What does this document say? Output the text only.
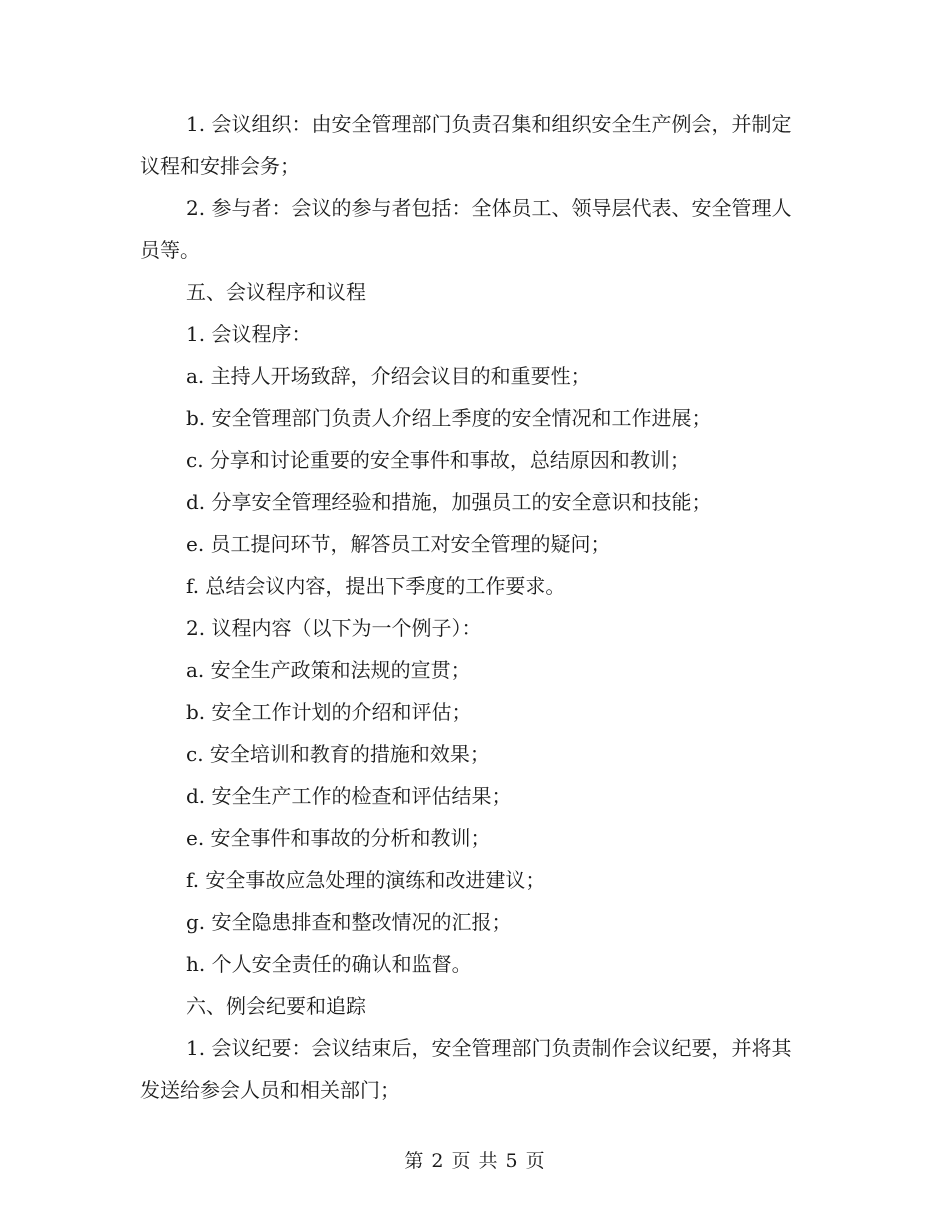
1. 会议组织：由安全管理部门负责召集和组织安全生产例会，并制定议程和安排会务；

2. 参与者：会议的参与者包括：全体员工、领导层代表、安全管理人员等。

五、会议程序和议程

1. 会议程序：

a. 主持人开场致辞，介绍会议目的和重要性；

b. 安全管理部门负责人介绍上季度的安全情况和工作进展；

c. 分享和讨论重要的安全事件和事故，总结原因和教训；

d. 分享安全管理经验和措施，加强员工的安全意识和技能；

e. 员工提问环节，解答员工对安全管理的疑问；

f. 总结会议内容，提出下季度的工作要求。

2. 议程内容（以下为一个例子）：

a. 安全生产政策和法规的宣贯；

b. 安全工作计划的介绍和评估；

c. 安全培训和教育的措施和效果；

d. 安全生产工作的检查和评估结果；

e. 安全事件和事故的分析和教训；

f. 安全事故应急处理的演练和改进建议；

g. 安全隐患排查和整改情况的汇报；

h. 个人安全责任的确认和监督。

六、例会纪要和追踪

1. 会议纪要：会议结束后，安全管理部门负责制作会议纪要，并将其发送给参会人员和相关部门；

第 2 页 共 5 页
